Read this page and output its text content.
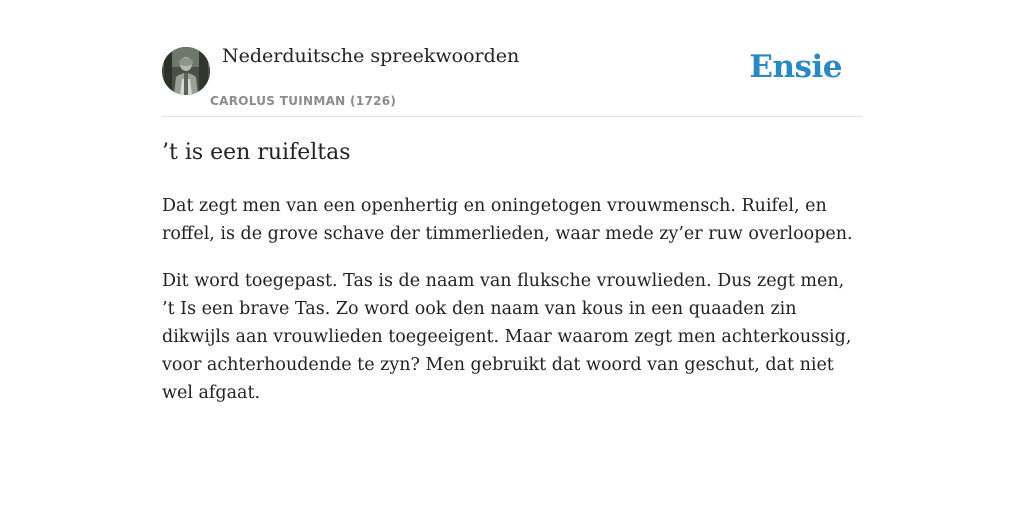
Nederduitsche spreekwoorden
CAROLUS TUINMAN (1726)
Ensie
’t is een ruifeltas

Dat zegt men van een openhertig en oningetogen vrouwmensch. Ruifel, en roffel, is de grove schave der timmerlieden, waar mede zy’er ruw overloopen.

Dit word toegepast. Tas is de naam van fluksche vrouwlieden. Dus zegt men, ’t Is een brave Tas. Zo word ook den naam van kous in een quaaden zin dikwijls aan vrouwlieden toegeeigent. Maar waarom zegt men achterkoussig, voor achterhoudende te zyn? Men gebruikt dat woord van geschut, dat niet wel afgaat.
